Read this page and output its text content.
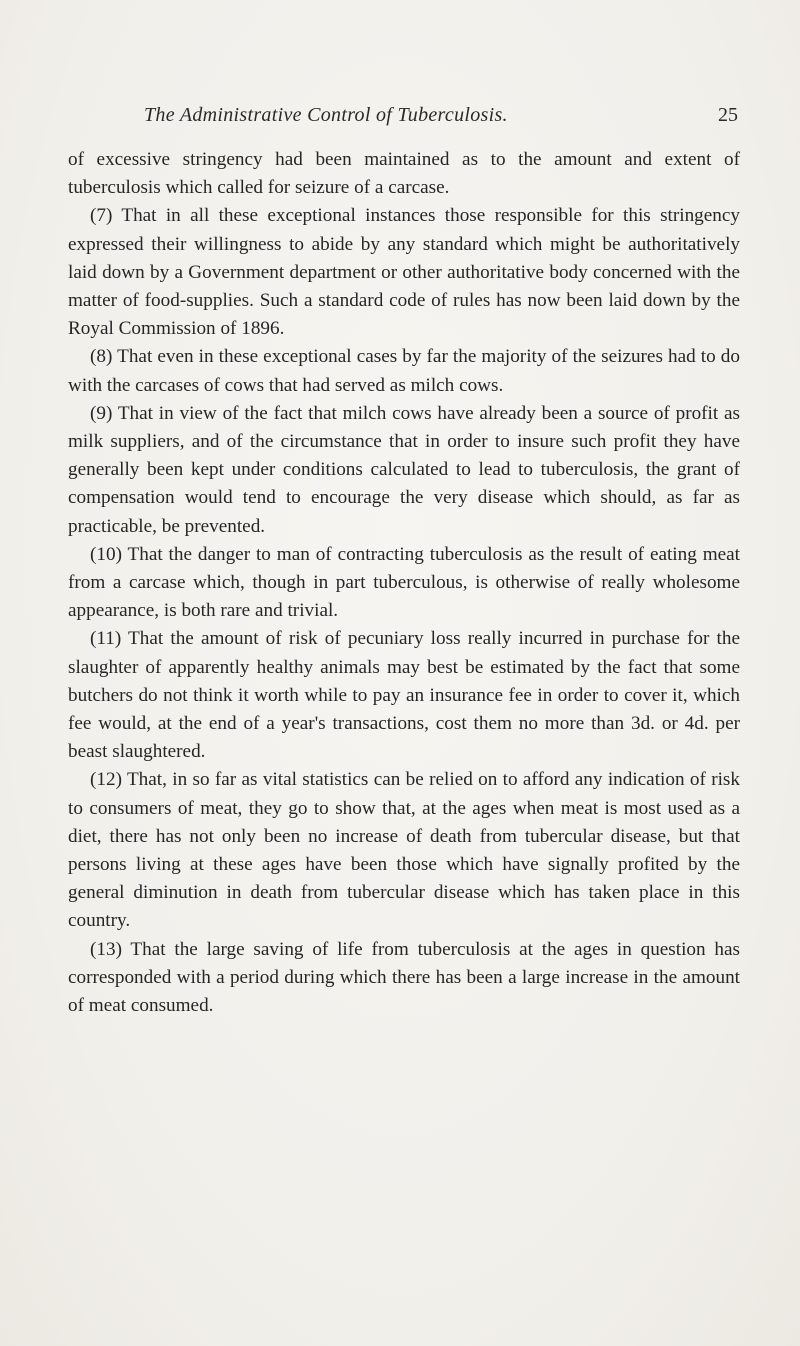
The Administrative Control of Tuberculosis.	25

of excessive stringency had been maintained as to the amount and extent of tuberculosis which called for seizure of a carcase.

(7) That in all these exceptional instances those responsible for this stringency expressed their willingness to abide by any standard which might be authoritatively laid down by a Government department or other authoritative body concerned with the matter of food-supplies. Such a standard code of rules has now been laid down by the Royal Commission of 1896.

(8) That even in these exceptional cases by far the majority of the seizures had to do with the carcases of cows that had served as milch cows.

(9) That in view of the fact that milch cows have already been a source of profit as milk suppliers, and of the circumstance that in order to insure such profit they have generally been kept under conditions calculated to lead to tuberculosis, the grant of compensation would tend to encourage the very disease which should, as far as practicable, be prevented.

(10) That the danger to man of contracting tuberculosis as the result of eating meat from a carcase which, though in part tuberculous, is otherwise of really wholesome appearance, is both rare and trivial.

(11) That the amount of risk of pecuniary loss really incurred in purchase for the slaughter of apparently healthy animals may best be estimated by the fact that some butchers do not think it worth while to pay an insurance fee in order to cover it, which fee would, at the end of a year's transactions, cost them no more than 3d. or 4d. per beast slaughtered.

(12) That, in so far as vital statistics can be relied on to afford any indication of risk to consumers of meat, they go to show that, at the ages when meat is most used as a diet, there has not only been no increase of death from tubercular disease, but that persons living at these ages have been those which have signally profited by the general diminution in death from tubercular disease which has taken place in this country.

(13) That the large saving of life from tuberculosis at the ages in question has corresponded with a period during which there has been a large increase in the amount of meat consumed.
